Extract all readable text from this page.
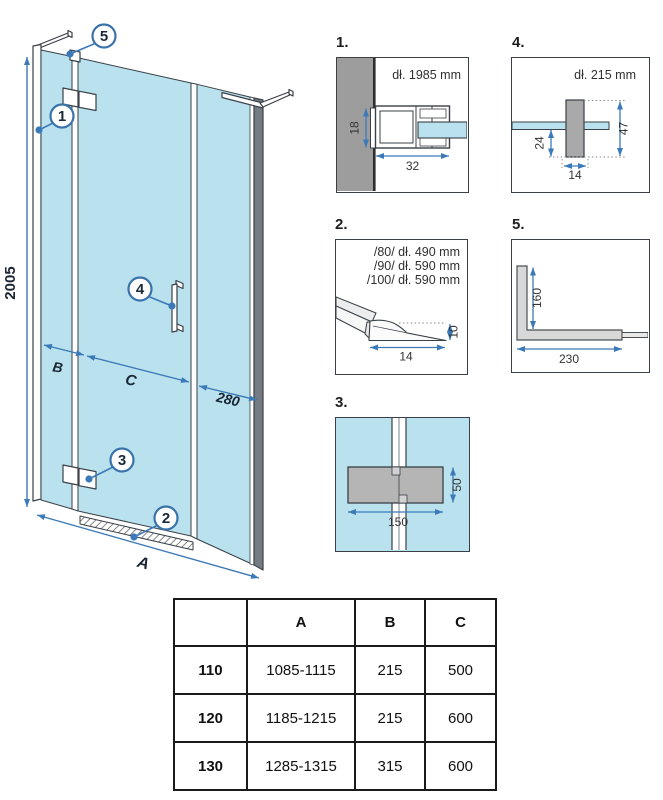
2005
B
C
280
A
5
1
4
3
2
1.
dł. 1985 mm
18
32
4.
dł. 215 mm
47
24
14
2.
/80/ dł. 490 mm
/90/ dł. 590 mm
/100/ dł. 590 mm
10
14
5.
160
230
3.
50
150
	A	B	C
110	1085-1115	215	500
120	1185-1215	215	600
130	1285-1315	315	600
